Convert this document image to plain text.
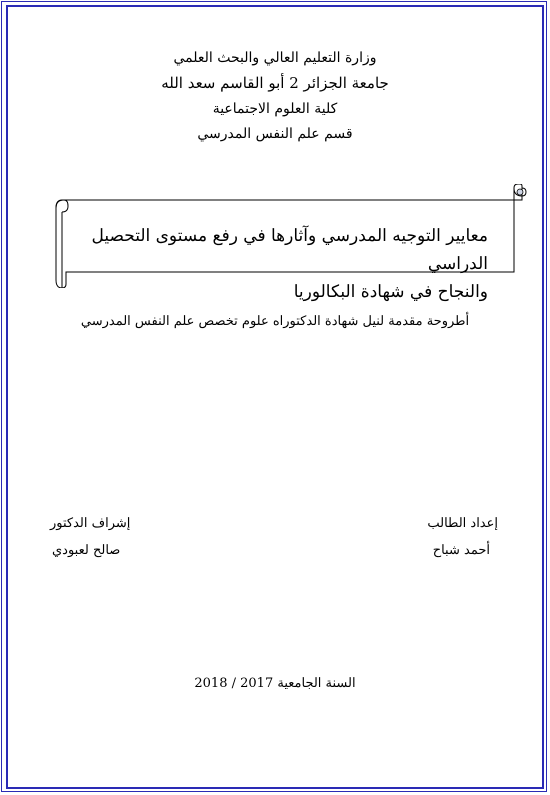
وزارة التعليم العالي والبحث العلمي
جامعة الجزائر 2 أبو القاسم سعد الله
كلية العلوم الاجتماعية
قسم علم النفس المدرسي
معايير التوجيه المدرسي وآثارها في رفع مستوى التحصيل الدراسي
والنجاح في شهادة البكالوريا
أطروحة مقدمة لنيل شهادة الدكتوراه علوم تخصص علم النفس المدرسي
إعداد الطالب
أحمد شباح
إشراف الدكتور
صالح لعبودي
السنة الجامعية 2017 / 2018
